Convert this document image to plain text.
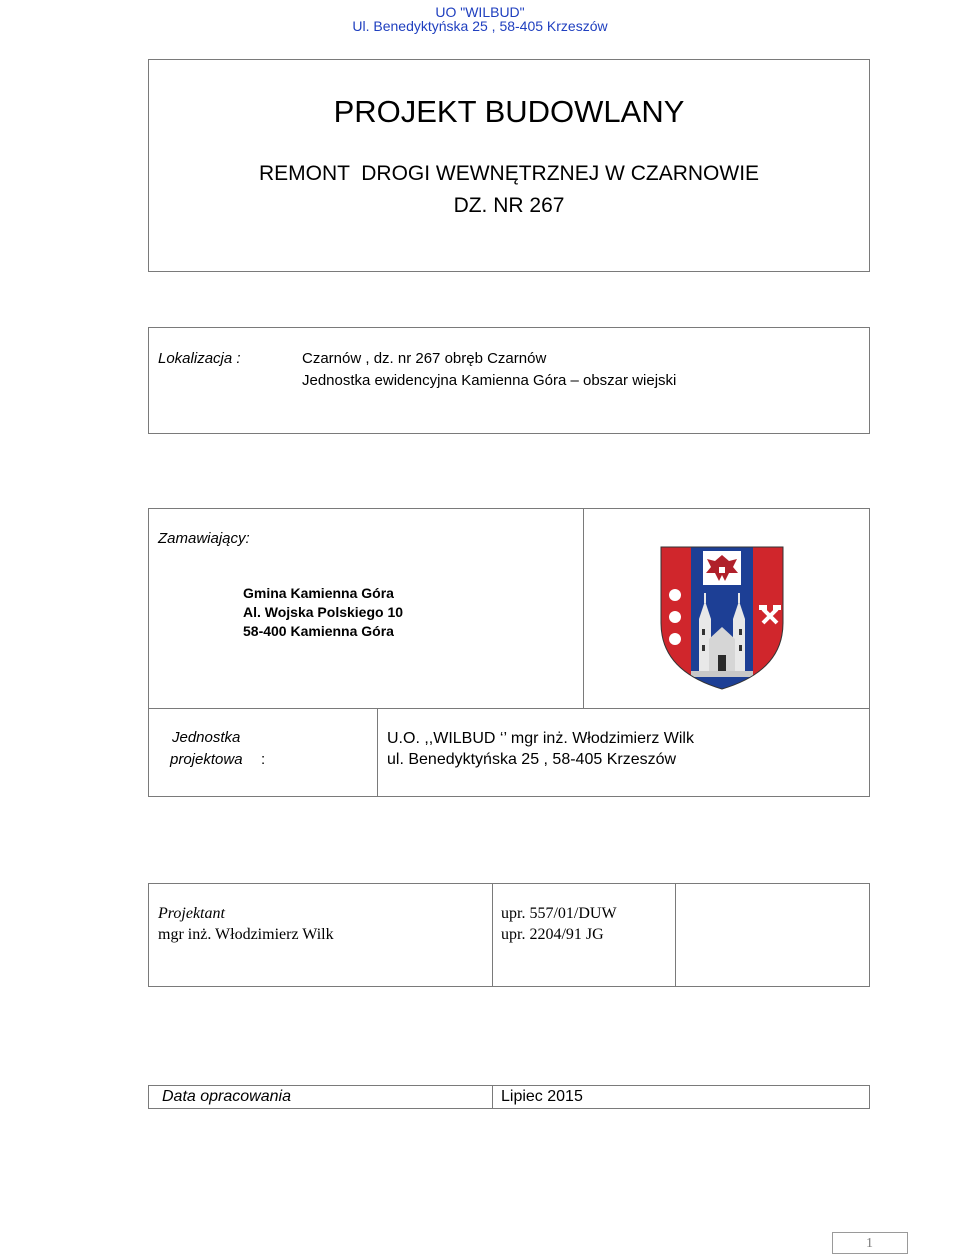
UO "WILBUD"
Ul. Benedyktyńska 25 , 58-405 Krzeszów
PROJEKT BUDOWLANY
REMONT  DROGI WEWNĘTRZNEJ W CZARNOWIE
DZ. NR 267
Lokalizacja :	Czarnów , dz. nr 267 obręb Czarnów
Jednostka ewidencyjna Kamienna Góra – obszar wiejski
Zamawiający:
Gmina Kamienna Góra
Al. Wojska Polskiego 10
58-400 Kamienna Góra
Jednostka
projektowa :
U.O. ,,WILBUD ‘’ mgr inż. Włodzimierz Wilk
ul. Benedyktyńska 25 , 58-405 Krzeszów
Projektant
mgr inż. Włodzimierz Wilk
upr. 557/01/DUW
upr. 2204/91 JG
Data opracowania	Lipiec 2015
1
